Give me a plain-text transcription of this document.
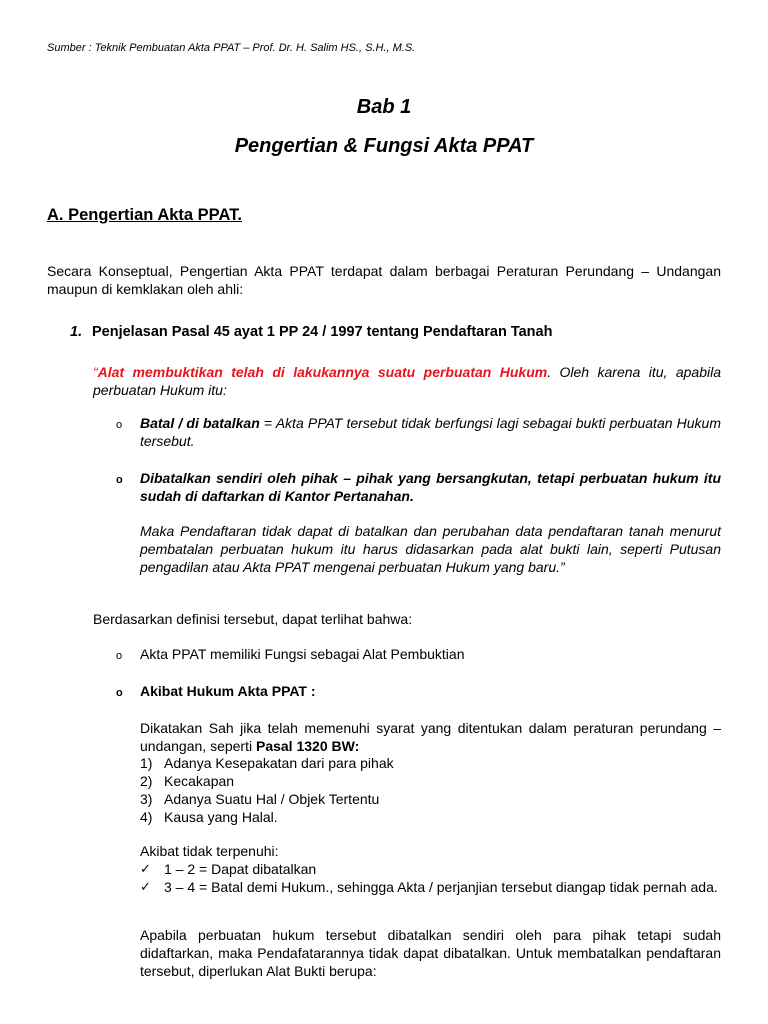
Sumber : Teknik Pembuatan Akta PPAT – Prof. Dr. H. Salim HS., S.H., M.S.
Bab 1
Pengertian & Fungsi Akta PPAT
A. Pengertian Akta PPAT.
Secara Konseptual, Pengertian Akta PPAT terdapat dalam berbagai Peraturan Perundang – Undangan maupun di kemklakan oleh ahli:
1. Penjelasan Pasal 45 ayat 1 PP 24 / 1997 tentang Pendaftaran Tanah
“Alat membuktikan telah di lakukannya suatu perbuatan Hukum. Oleh karena itu, apabila perbuatan Hukum itu:
o	Batal / di batalkan = Akta PPAT tersebut tidak berfungsi lagi sebagai bukti perbuatan Hukum tersebut.
o	Dibatalkan sendiri oleh pihak – pihak yang bersangkutan, tetapi perbuatan hukum itu sudah di daftarkan di Kantor Pertanahan.
Maka Pendaftaran tidak dapat di batalkan dan perubahan data pendaftaran tanah menurut pembatalan perbuatan hukum itu harus didasarkan pada alat bukti lain, seperti Putusan pengadilan atau Akta PPAT mengenai perbuatan Hukum yang baru.”
Berdasarkan definisi tersebut, dapat terlihat bahwa:
o	Akta PPAT memiliki Fungsi sebagai Alat Pembuktian
o	Akibat Hukum Akta PPAT :
Dikatakan Sah jika telah memenuhi syarat yang ditentukan dalam peraturan perundang – undangan, seperti Pasal 1320 BW:
1) Adanya Kesepakatan dari para pihak
2) Kecakapan
3) Adanya Suatu Hal / Objek Tertentu
4) Kausa yang Halal.
Akibat tidak terpenuhi:
✓ 1 – 2 = Dapat dibatalkan
✓ 3 – 4 = Batal demi Hukum., sehingga Akta / perjanjian tersebut diangap tidak pernah ada.
Apabila perbuatan hukum tersebut dibatalkan sendiri oleh para pihak tetapi sudah didaftarkan, maka Pendafatarannya tidak dapat dibatalkan. Untuk membatalkan pendaftaran tersebut, diperlukan Alat Bukti berupa:
